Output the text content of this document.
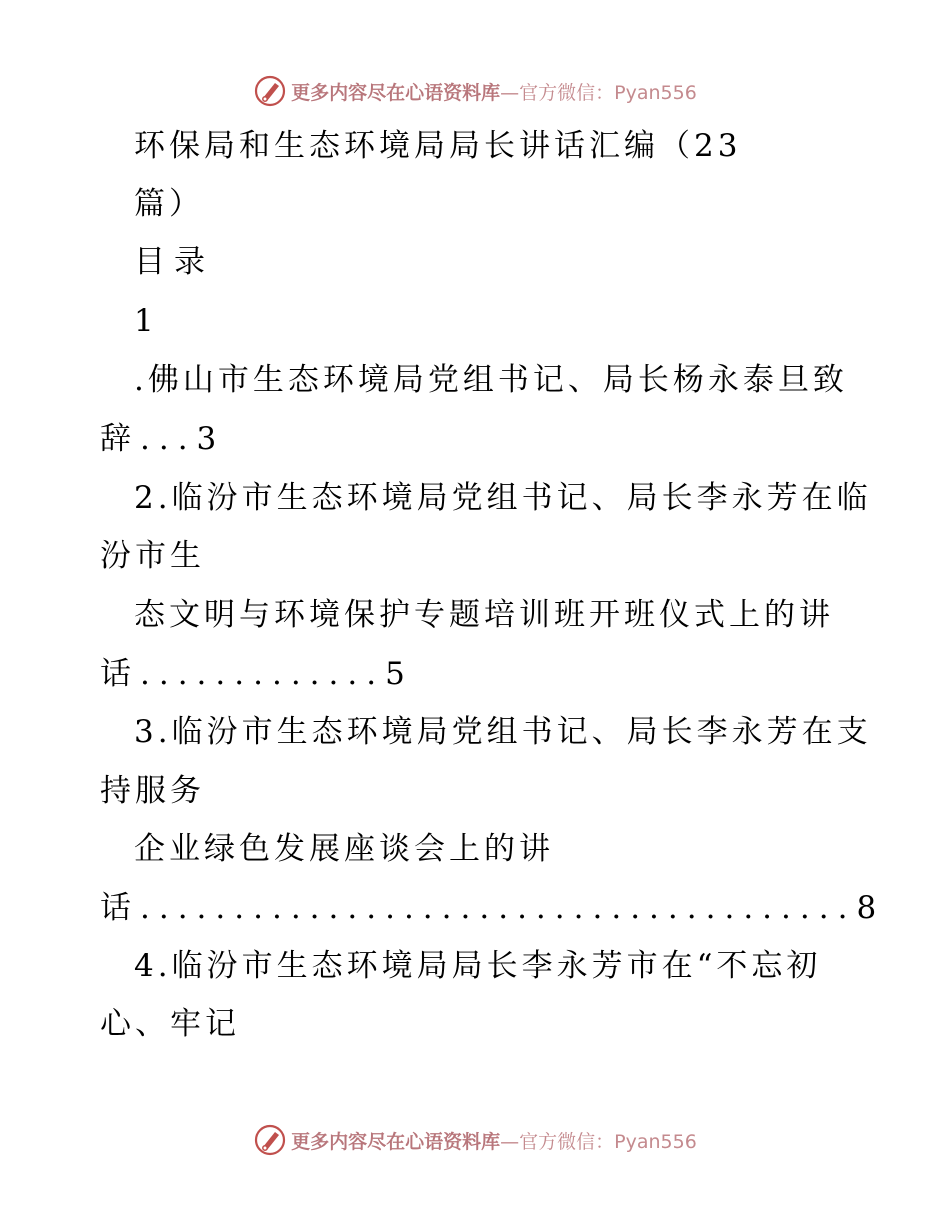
更多内容尽在心语资料库—官方微信：Pyan556
环保局和生态环境局局长讲话汇编（23
篇）
目录
1
.佛山市生态环境局党组书记、局长杨永泰旦致
辞...3
2.临汾市生态环境局党组书记、局长李永芳在临
汾市生
态文明与环境保护专题培训班开班仪式上的讲
话.............5
3.临汾市生态环境局党组书记、局长李永芳在支
持服务
企业绿色发展座谈会上的讲
话......................................8
4.临汾市生态环境局局长李永芳市在“不忘初
心、牢记
更多内容尽在心语资料库—官方微信：Pyan556
